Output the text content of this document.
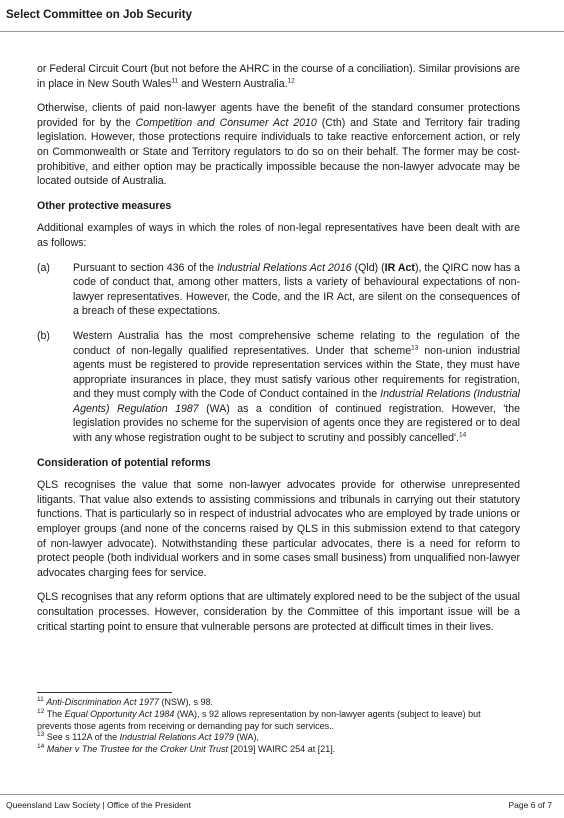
Select Committee on Job Security

or Federal Circuit Court (but not before the AHRC in the course of a conciliation). Similar provisions are in place in New South Wales$^{11}$ and Western Australia.$^{12}$

Otherwise, clients of paid non-lawyer agents have the benefit of the standard consumer protections provided for by the Competition and Consumer Act 2010 (Cth) and State and Territory fair trading legislation. However, those protections require individuals to take reactive enforcement action, or rely on Commonwealth or State and Territory regulators to do so on their behalf. The former may be cost-prohibitive, and either option may be practically impossible because the non-lawyer advocate may be located outside of Australia.

Other protective measures

Additional examples of ways in which the roles of non-legal representatives have been dealt with are as follows:

(a)	Pursuant to section 436 of the Industrial Relations Act 2016 (Qld) (IR Act), the QIRC now has a code of conduct that, among other matters, lists a variety of behavioural expectations of non-lawyer representatives. However, the Code, and the IR Act, are silent on the consequences of a breach of these expectations.
(b)	Western Australia has the most comprehensive scheme relating to the regulation of the conduct of non-legally qualified representatives. Under that scheme$^{13}$ non-union industrial agents must be registered to provide representation services within the State, they must have appropriate insurances in place, they must satisfy various other requirements for registration, and they must comply with the Code of Conduct contained in the Industrial Relations (Industrial Agents) Regulation 1987 (WA) as a condition of continued registration. However, 'the legislation provides no scheme for the supervision of agents once they are registered or to deal with any whose registration ought to be subject to scrutiny and possibly cancelled'.$^{14}$
Consideration of potential reforms

QLS recognises the value that some non-lawyer advocates provide for otherwise unrepresented litigants. That value also extends to assisting commissions and tribunals in carrying out their statutory functions. That is particularly so in respect of industrial advocates who are employed by trade unions or employer groups (and none of the concerns raised by QLS in this submission extend to that category of non-lawyer advocate). Notwithstanding these particular advocates, there is a need for reform to protect people (both individual workers and in some cases small business) from unqualified non-lawyer advocates charging fees for service.

QLS recognises that any reform options that are ultimately explored need to be the subject of the usual consultation processes. However, consideration by the Committee of this important issue will be a critical starting point to ensure that vulnerable persons are protected at difficult times in their lives.

$^{11}$ Anti-Discrimination Act 1977 (NSW), s 98.
$^{12}$ The Equal Opportunity Act 1984 (WA), s 92 allows representation by non-lawyer agents (subject to leave) but prevents those agents from receiving or demanding pay for such services..
$^{13}$ See s 112A of the Industrial Relations Act 1979 (WA),
$^{14}$ Maher v The Trustee for the Croker Unit Trust [2019] WAIRC 254 at [21].
Queensland Law Society | Office of the President	Page 6 of 7
